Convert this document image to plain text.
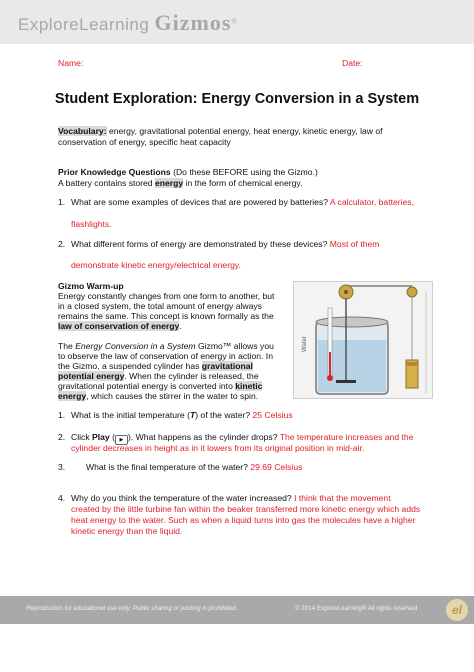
ExploreLearning Gizmos®
Name:	Date:
Student Exploration: Energy Conversion in a System
Vocabulary: energy, gravitational potential energy, heat energy, kinetic energy, law of
conservation of energy, specific heat capacity
Prior Knowledge Questions (Do these BEFORE using the Gizmo.)
A battery contains stored energy in the form of chemical energy.
1. What are some examples of devices that are powered by batteries? A calculator, batteries,
flashlights.
2. What different forms of energy are demonstrated by these devices? Most of them
demonstrate kinetic energy/electrical energy.
Gizmo Warm-up
Energy constantly changes from one form to another, but
in a closed system, the total amount of energy always
remains the same. This concept is known formally as the
law of conservation of energy.
The Energy Conversion in a System Gizmo™ allows you
to observe the law of conservation of energy in action. In
the Gizmo, a suspended cylinder has gravitational
potential energy. When the cylinder is released, the
gravitational potential energy is converted into kinetic
energy, which causes the stirrer in the water to spin.
Water
1. What is the initial temperature (T) of the water? 25 Celsius
2. Click Play ( ▶ ). What happens as the cylinder drops? The temperature increases and the
cylinder decreases in height as in it lowers from its original position in mid-air.
3. What is the final temperature of the water? 29.69 Celsius
4. Why do you think the temperature of the water increased? I think that the movement
created by the little turbine fan within the beaker transferred more kinetic energy which adds
heat energy to the water. Such as when a liquid turns into gas the molecules have a higher
kinetic energy than the liquid.
Reproduction for educational use only. Public sharing or posting is prohibited.	© 2014 ExploreLearning® All rights reserved	el
